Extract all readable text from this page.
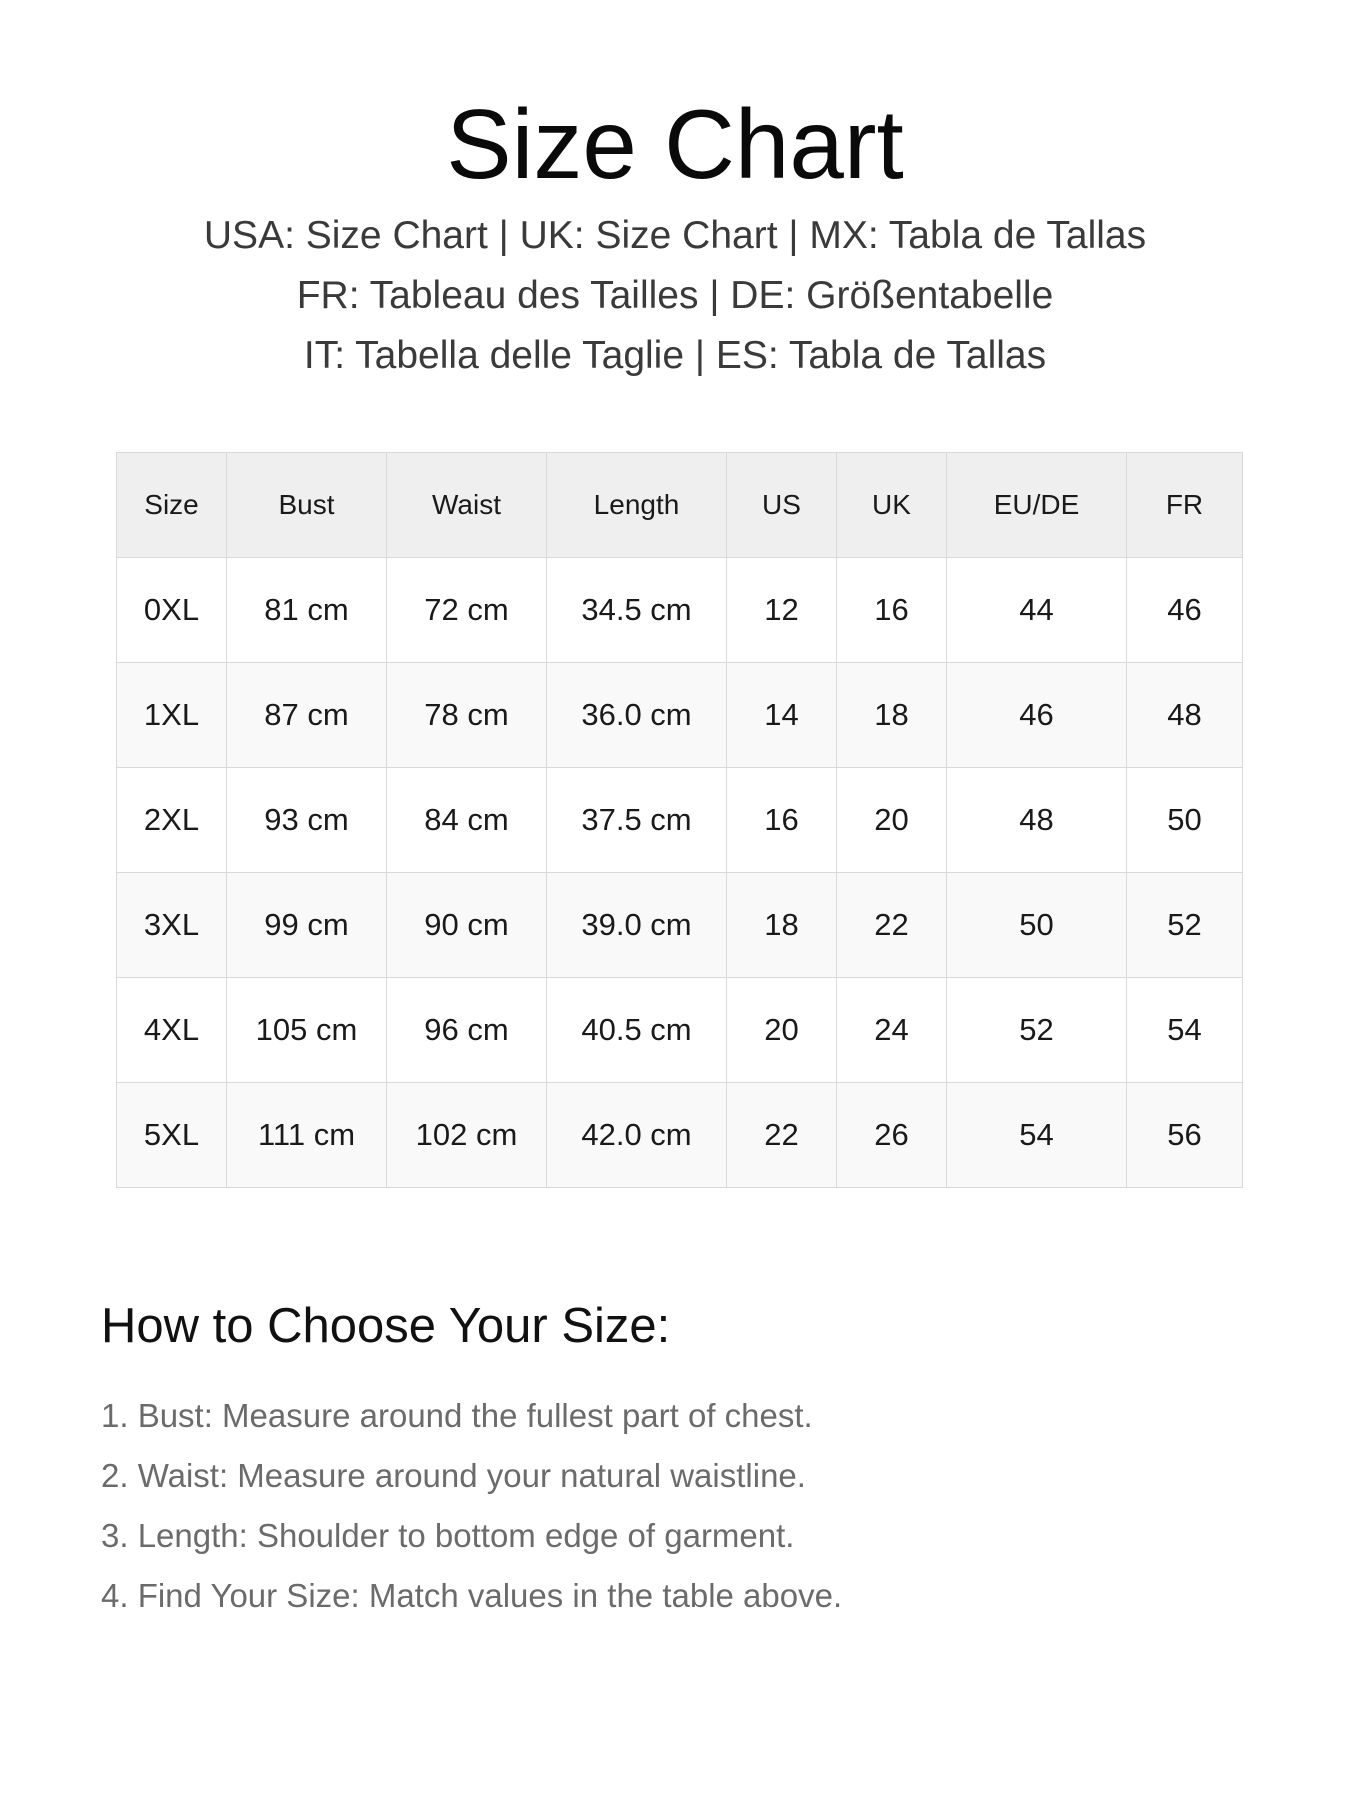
Size Chart
USA: Size Chart | UK: Size Chart | MX: Tabla de Tallas
FR: Tableau des Tailles | DE: Größentabelle
IT: Tabella delle Taglie | ES: Tabla de Tallas
Size	Bust	Waist	Length	US	UK	EU/DE	FR
0XL	81 cm	72 cm	34.5 cm	12	16	44	46
1XL	87 cm	78 cm	36.0 cm	14	18	46	48
2XL	93 cm	84 cm	37.5 cm	16	20	48	50
3XL	99 cm	90 cm	39.0 cm	18	22	50	52
4XL	105 cm	96 cm	40.5 cm	20	24	52	54
5XL	111 cm	102 cm	42.0 cm	22	26	54	56
How to Choose Your Size:
1. Bust: Measure around the fullest part of chest.
2. Waist: Measure around your natural waistline.
3. Length: Shoulder to bottom edge of garment.
4. Find Your Size: Match values in the table above.
